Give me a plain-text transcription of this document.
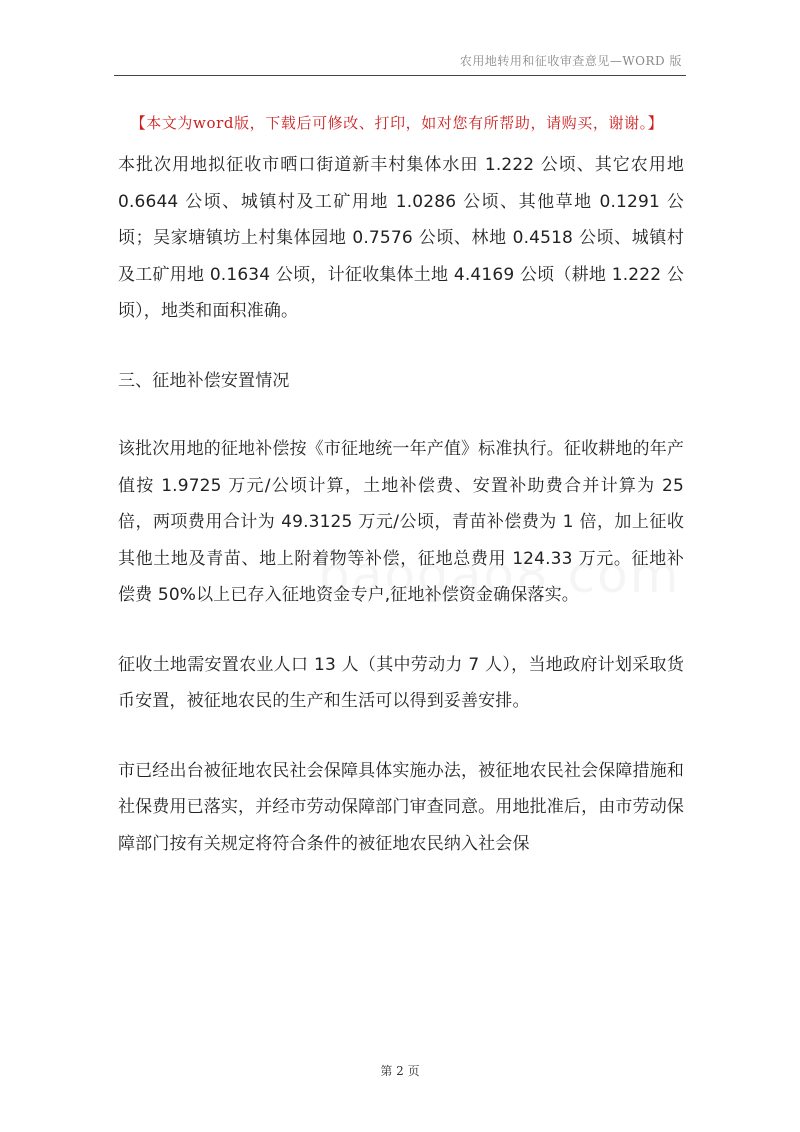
农用地转用和征收审查意见—WORD 版
【本文为word版，下载后可修改、打印，如对您有所帮助，请购买，谢谢。】

本批次用地拟征收市晒口街道新丰村集体水田 1.222 公顷、其它农用地 0.6644 公顷、城镇村及工矿用地 1.0286 公顷、其他草地 0.1291 公顷；吴家塘镇坊上村集体园地 0.7576 公顷、林地 0.4518 公顷、城镇村及工矿用地 0.1634 公顷，计征收集体土地 4.4169 公顷（耕地 1.222 公顷），地类和面积准确。

三、征地补偿安置情况

该批次用地的征地补偿按《市征地统一年产值》标准执行。征收耕地的年产值按 1.9725 万元/公顷计算，土地补偿费、安置补助费合并计算为 25 倍，两项费用合计为 49.3125 万元/公顷，青苗补偿费为 1 倍，加上征收其他土地及青苗、地上附着物等补偿，征地总费用 124.33 万元。征地补偿费 50%以上已存入征地资金专户,征地补偿资金确保落实。

征收土地需安置农业人口 13 人（其中劳动力 7 人），当地政府计划采取货币安置，被征地农民的生产和生活可以得到妥善安排。

市已经出台被征地农民社会保障具体实施办法，被征地农民社会保障措施和社保费用已落实，并经市劳动保障部门审查同意。用地批准后，由市劳动保障部门按有关规定将符合条件的被征地农民纳入社会保

第 2 页
